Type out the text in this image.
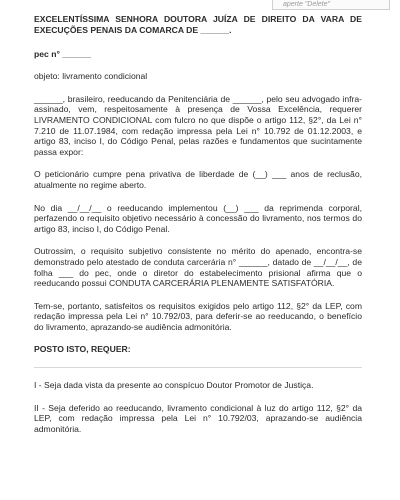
aperte "Delete"
EXCELENTÍSSIMA SENHORA DOUTORA JUÍZA DE DIREITO DA VARA DE EXECUÇÕES PENAIS DA COMARCA DE ______.
pec n° ______
objeto: livramento condicional
______, brasileiro, reeducando da Penitenciária de ______, pelo seu advogado infra-assinado, vem, respeitosamente à presença de Vossa Excelência, requerer LIVRAMENTO CONDICIONAL com fulcro no que dispõe o artigo 112, §2°, da Lei n° 7.210 de 11.07.1984, com redação impressa pela Lei n° 10.792 de 01.12.2003, e artigo 83, inciso I, do Código Penal, pelas razões e fundamentos que sucintamente passa expor:
O peticionário cumpre pena privativa de liberdade de (__) ___ anos de reclusão, atualmente no regime aberto.
No dia __/__/__ o reeducando implementou (__) ___ da reprimenda corporal, perfazendo o requisito objetivo necessário à concessão do livramento, nos termos do artigo 83, inciso I, do Código Penal.
Outrossim, o requisito subjetivo consistente no mérito do apenado, encontra-se demonstrado pelo atestado de conduta carcerária n° ______, datado de __/__/__, de folha ___ do pec, onde o diretor do estabelecimento prisional afirma que o reeducando possui CONDUTA CARCERÁRIA PLENAMENTE SATISFATÓRIA.
Tem-se, portanto, satisfeitos os requisitos exigidos pelo artigo 112, §2° da LEP, com redação impressa pela Lei n° 10.792/03, para deferir-se ao reeducando, o benefício do livramento, aprazando-se audiência admonitória.
POSTO ISTO, REQUER:
I - Seja dada vista da presente ao conspícuo Doutor Promotor de Justiça.
II - Seja deferido ao reeducando, livramento condicional à luz do artigo 112, §2° da LEP, com redação impressa pela Lei n° 10.792/03, aprazando-se audiência admonitória.
